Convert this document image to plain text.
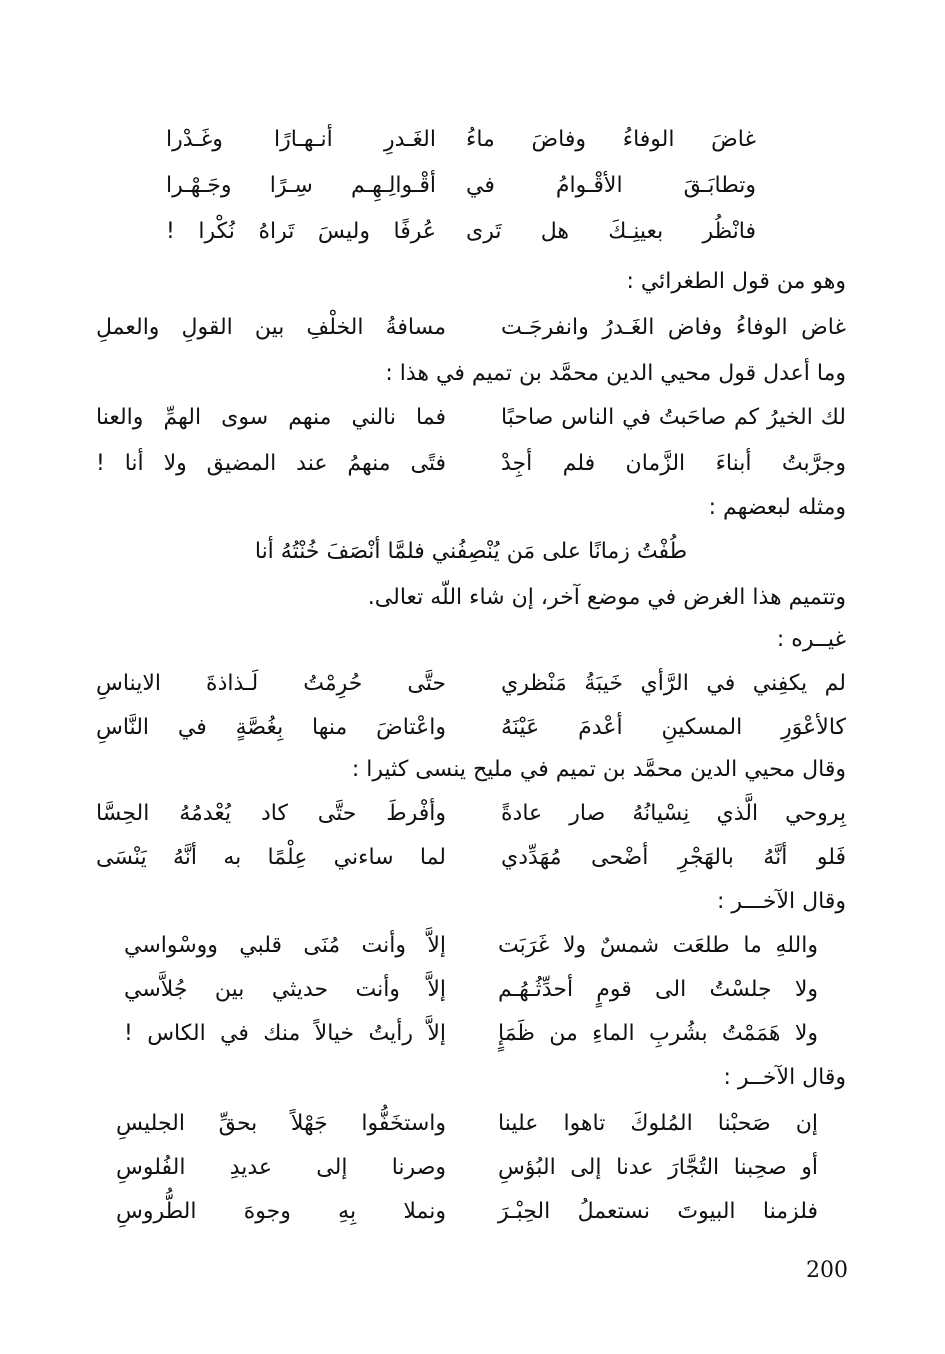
غاضَ الوفاءُ وفاضَ ماءُ
الغَـدرِ أنـهـارًا وغَـدْرا
وتطابَـقَ الأقْـوامُ في
أقْـوالِـهِـم سِـرًا وجَـهْـرا
فانْظُر بعينِـكَ هل تَرى
عُرفًا وليسَ تَراهُ نُكْرا !
وهو من قول الطغرائي :
غاض الوفاءُ وفاض الغَـدرُ وانفرجَـت
مسافةُ الخلْفِ بين القولِ والعملِ
وما أعدل قول محيي الدين محمَّد بن تميم في هذا :
لك الخيرُ كم صاحَبتُ في الناس صاحبًا
فما نالني منهم سوى الهمِّ والعنا
وجرَّبتُ أبناءَ الزَّمان فلم أجِدْ
فتًى منهمُ عند المضيق ولا أنا !
ومثله لبعضهم :
طُفْتُ زمانًا على مَن يُنْصِفُني فلمَّا أنْصَفَ خُنْتُهُ أنا
وتتميم هذا الغرض في موضع آخر، إن شاء اللّه تعالى.
غيــره :
لم يكفِني في الرَّأي خَيبَةُ مَنْظري
حتَّى حُرِمْتُ لَـذاذةَ الايناسِ
كالأعْوَرِ المسكينِ أعْدمَ عَيْنَهُ
واعْتاضَ منها بِغُصَّةٍ في النَّاسِ
وقال محيي الدين محمَّد بن تميم في مليح ينسى كثيرا :
بِروحي الَّذي نِسْيانُهُ صار عادةً
وأفْرطَ حتَّى كاد يُعْدمُهُ الحِسَّا
فَلو أنَّهُ بالهَجْرِ أضْحى مُهَدِّدي
لما ساءني عِلْمًا به أنَّهُ يَنْسَى
وقال الآخـــر :
واللهِ ما طلعَت شمسٌ ولا غَرَبَت
إلاَّ وأنت مُنَى قلبي ووسْواسي
ولا جلسْتُ الى قومٍ أحدِّثُـهُـم
إلاَّ وأنت حديثي بين جُلاَّسي
ولا هَمَمْتُ بشُربِ الماءِ من ظَمَإٍ
إلاَّ رأيتُ خيالاً منك في الكاس !
وقال الآخــر :
إن صَحبْنا المُلوكَ تاهوا علينا
واستخَفُّوا جَهْلاً بحقِّ الجليسِ
أو صحِبنا التُجَّارَ عدنا إلى البُؤسِ
وصرنا إلى عديدِ الفُلوسِ
فلزمنا البيوتَ نستعملُ الحِبْـرَ
ونملا بِهِ وجوهَ الطُّروسِ
200
